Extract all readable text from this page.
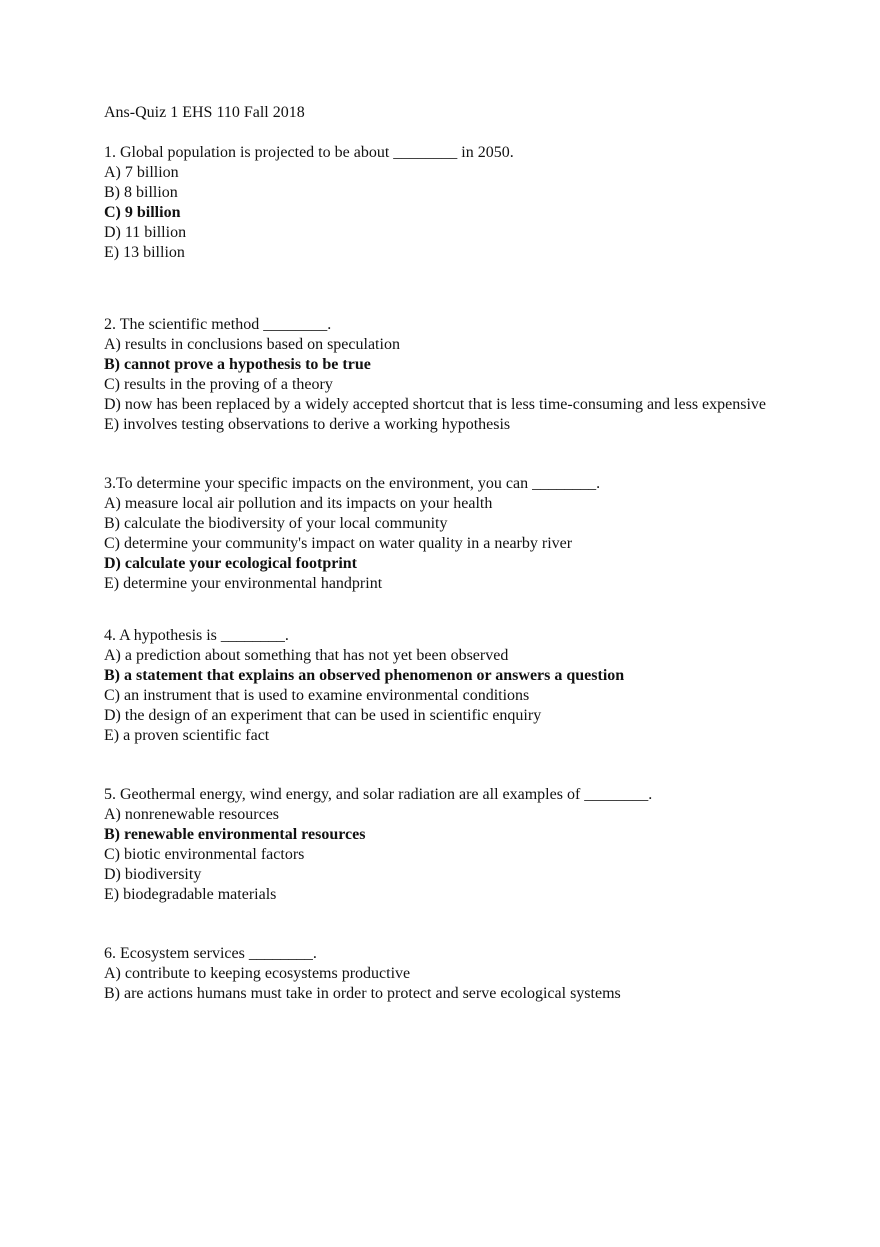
Ans-Quiz 1 EHS 110 Fall 2018

1. Global population is projected to be about ________ in 2050.

A) 7 billion

B) 8 billion

C) 9 billion

D) 11 billion

E) 13 billion

2. The scientific method ________.

A) results in conclusions based on speculation

B) cannot prove a hypothesis to be true

C) results in the proving of a theory

D) now has been replaced by a widely accepted shortcut that is less time-consuming and less expensive

E) involves testing observations to derive a working hypothesis

3.To determine your specific impacts on the environment, you can ________.

A) measure local air pollution and its impacts on your health

B) calculate the biodiversity of your local community

C) determine your community's impact on water quality in a nearby river

D) calculate your ecological footprint

E) determine your environmental handprint

4. A hypothesis is ________.

A) a prediction about something that has not yet been observed

B) a statement that explains an observed phenomenon or answers a question

C) an instrument that is used to examine environmental conditions

D) the design of an experiment that can be used in scientific enquiry

E) a proven scientific fact

5. Geothermal energy, wind energy, and solar radiation are all examples of ________.

A) nonrenewable resources

B) renewable environmental resources

C) biotic environmental factors

D) biodiversity

E) biodegradable materials

6. Ecosystem services ________.

A) contribute to keeping ecosystems productive

B) are actions humans must take in order to protect and serve ecological systems
